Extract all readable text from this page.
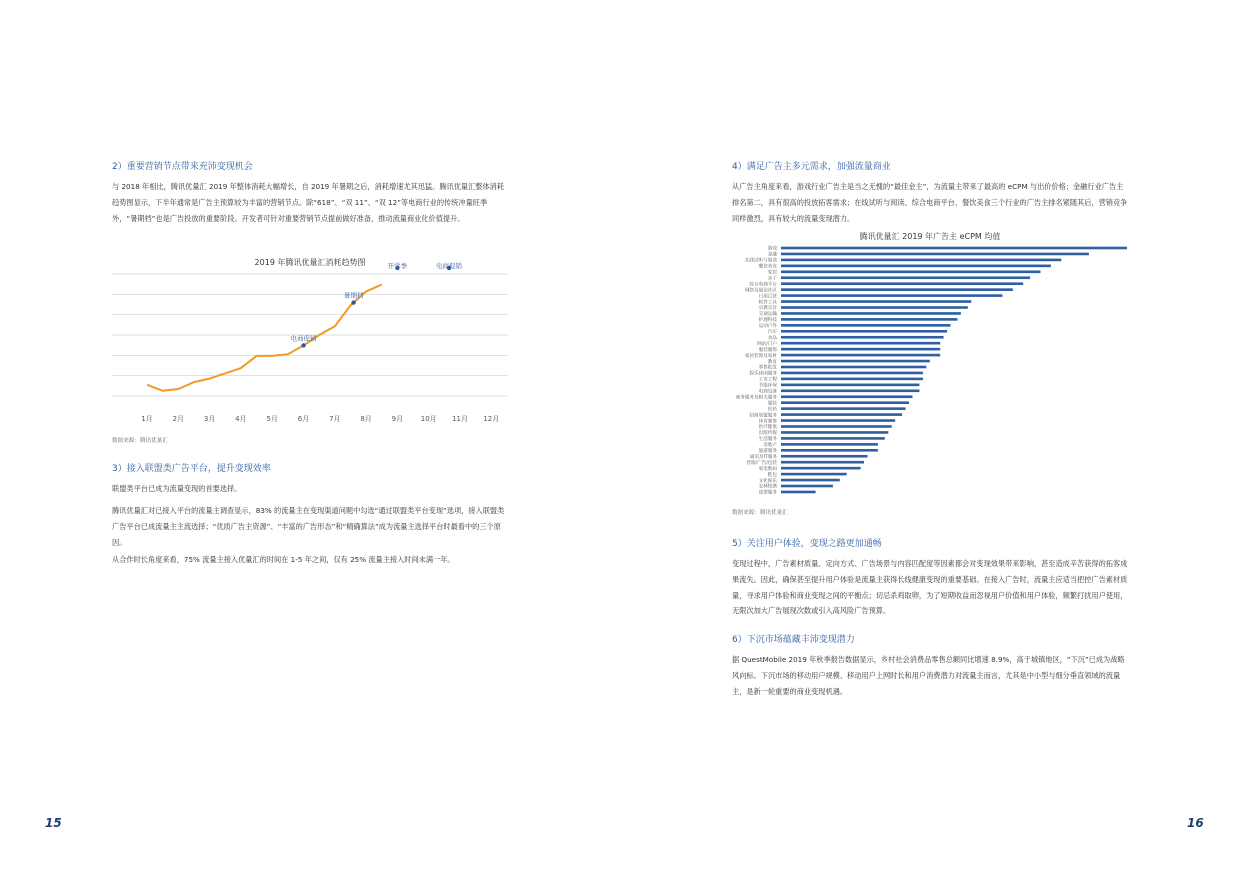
2）重要营销节点带来充沛变现机会
与 2018 年相比，腾讯优量汇 2019 年整体消耗大幅增长，自 2019 年暑期之后，消耗增速尤其迅猛。腾讯优量汇整体消耗趋势图显示，下半年通常是广告主预算较为丰富的营销节点。除“618”、“双 11”、“双 12”等电商行业的传统冲量旺季外，“暑期档”也是广告投放的重要阶段。开发者可针对重要营销节点提前做好准备，推动流量商业化价值提升。
2019 年腾讯优量汇消耗趋势图
电商促销
暑期档
开学季	电商促销
1月	2月	3月	4月	5月	6月	7月	8月	9月	10月 11月 12月
数据来源：腾讯优量汇
3）接入联盟类广告平台，提升变现效率
联盟类平台已成为流量变现的首要选择。
腾讯优量汇对已接入平台的流量主调查显示，83% 的流量主在变现渠道问题中勾选“通过联盟类平台变现”选项，接入联盟类广告平台已成流量主主流选择；“优质广告主资源”、“丰富的广告形态”和“精确算法”成为流量主选择平台时最看中的三个原因。
从合作时长角度来看，75% 流量主接入优量汇的时间在 1-5 年之间，仅有 25% 流量主接入时间未满一年。
15
4）满足广告主多元需求，加强流量商业
从广告主角度来看，游戏行业广告主是当之无愧的“最佳金主”，为流量主带来了最高的 eCPM 与出价价格；金融行业广告主排名第二，具有很高的投放拓客需求；在线试听与阅读、综合电商平台、餐饮美食三个行业的广告主排名紧随其后，营销竞争同样激烈，具有较大的流量变现潜力。
腾讯优量汇 2019 年广告主 eCPM 均值
游戏
金融
在线试听与阅读
餐饮美食
家居
亲子
综合电商平台
网络及通信社区
日用百货
软件工具
宗教宗旨
交通运输
护理科技
运动户外
汽车
食品
网站/门户
服装服饰
家居装饰及家材
教育
零售批发
娱乐休闲服务
工业工程
节能环保
电商设备
商务服务及相关服务
服装
医药
招商加盟服务
体育赛事
医疗健康
出版传媒
生活服务
房地产
旅游服务
通讯及IT服务
营销/广告/包装
家电数码
鞋包
文化娱乐
农林牧渔
法律服务
数据来源：腾讯优量汇
5）关注用户体验，变现之路更加通畅
变现过程中，广告素材质量、定向方式、广告场景与内容匹配度等因素都会对变现效果带来影响，甚至造成辛苦获得的拓客成果流失。因此，确保甚至提升用户体验是流量主获得长线健康变现的重要基础。在接入广告时，流量主应适当把控广告素材质量，寻求用户体验和商业变现之间的平衡点；切忌杀鸡取卵，为了短期收益而忽视用户价值和用户体验，频繁打扰用户使用，无限次加大广告展现次数或引入高风险广告预算。
6）下沉市场蕴藏丰沛变现潜力
据 QuestMobile 2019 年秋季报告数据显示，乡村社会消费品零售总额同比增速 8.9%，高于城镇地区，“下沉”已成为战略风向标。下沉市场的移动用户规模、移动用户上网时长和用户消费潜力对流量主而言，尤其是中小型与细分垂直领域的流量主，是新一轮重要的商业变现机遇。
16
